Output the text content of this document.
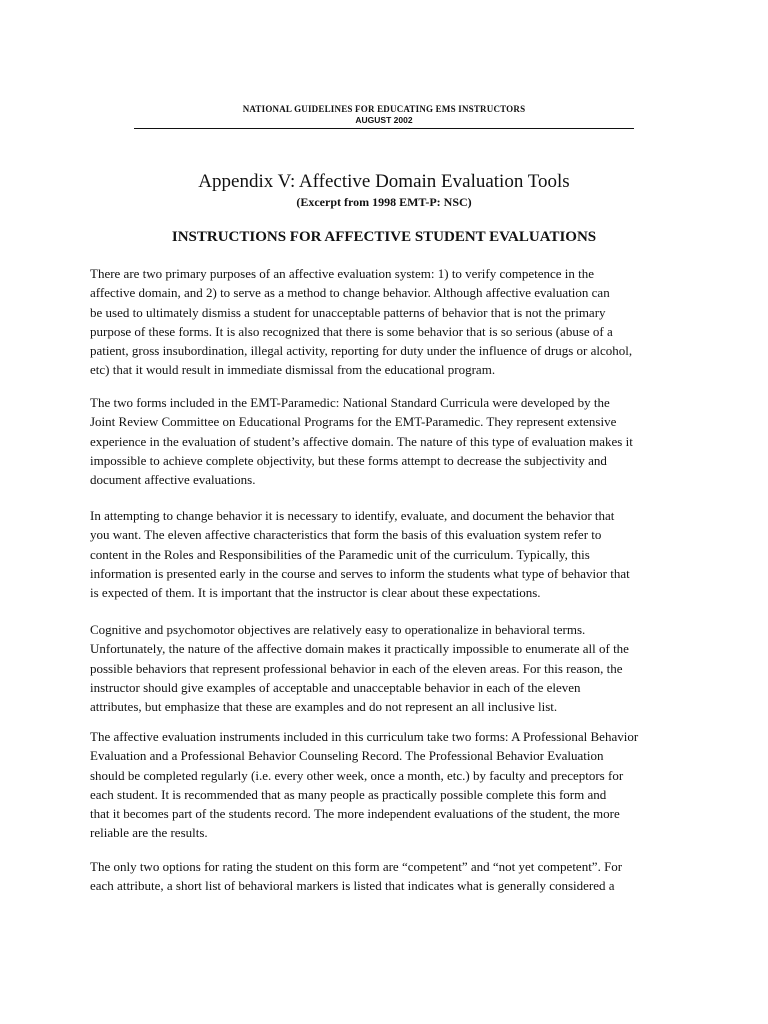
NATIONAL GUIDELINES FOR EDUCATING EMS INSTRUCTORS
AUGUST 2002
Appendix V: Affective Domain Evaluation Tools
(Excerpt from 1998 EMT-P: NSC)
INSTRUCTIONS FOR AFFECTIVE STUDENT EVALUATIONS
There are two primary purposes of an affective evaluation system: 1) to verify competence in the
affective domain, and 2) to serve as a method to change behavior. Although affective evaluation can
be used to ultimately dismiss a student for unacceptable patterns of behavior that is not the primary
purpose of these forms. It is also recognized that there is some behavior that is so serious (abuse of a
patient, gross insubordination, illegal activity, reporting for duty under the influence of drugs or alcohol,
etc) that it would result in immediate dismissal from the educational program.
The two forms included in the EMT-Paramedic: National Standard Curricula were developed by the
Joint Review Committee on Educational Programs for the EMT-Paramedic. They represent extensive
experience in the evaluation of student’s affective domain. The nature of this type of evaluation makes it
impossible to achieve complete objectivity, but these forms attempt to decrease the subjectivity and
document affective evaluations.
In attempting to change behavior it is necessary to identify, evaluate, and document the behavior that
you want. The eleven affective characteristics that form the basis of this evaluation system refer to
content in the Roles and Responsibilities of the Paramedic unit of the curriculum. Typically, this
information is presented early in the course and serves to inform the students what type of behavior that
is expected of them. It is important that the instructor is clear about these expectations.
Cognitive and psychomotor objectives are relatively easy to operationalize in behavioral terms.
Unfortunately, the nature of the affective domain makes it practically impossible to enumerate all of the
possible behaviors that represent professional behavior in each of the eleven areas. For this reason, the
instructor should give examples of acceptable and unacceptable behavior in each of the eleven
attributes, but emphasize that these are examples and do not represent an all inclusive list.
The affective evaluation instruments included in this curriculum take two forms: A Professional Behavior
Evaluation and a Professional Behavior Counseling Record. The Professional Behavior Evaluation
should be completed regularly (i.e. every other week, once a month, etc.) by faculty and preceptors for
each student. It is recommended that as many people as practically possible complete this form and
that it becomes part of the students record. The more independent evaluations of the student, the more
reliable are the results.
The only two options for rating the student on this form are “competent” and “not yet competent”. For
each attribute, a short list of behavioral markers is listed that indicates what is generally considered a
